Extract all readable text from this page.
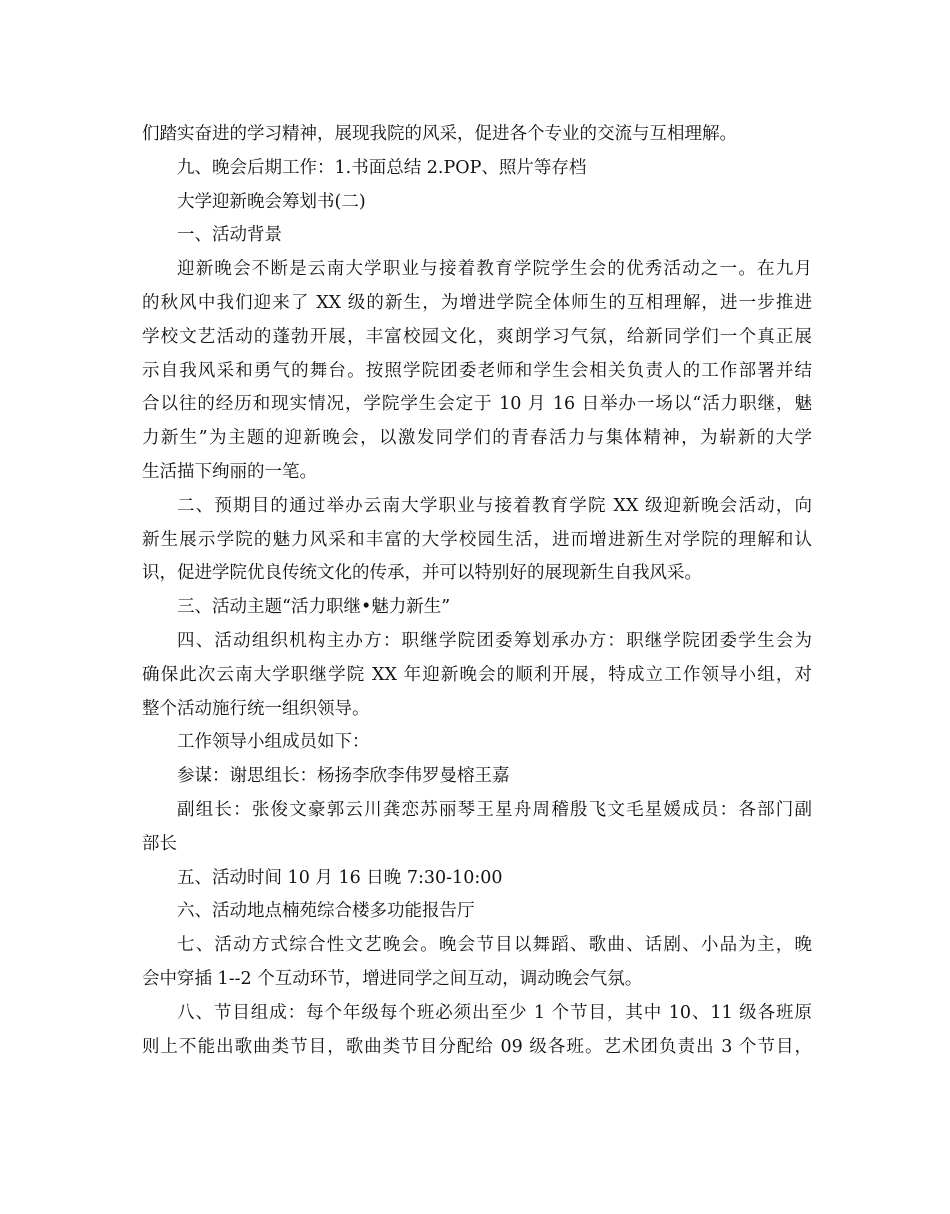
们踏实奋进的学习精神，展现我院的风采，促进各个专业的交流与互相理解。
九、晚会后期工作：1.书面总结 2.POP、照片等存档
大学迎新晚会筹划书(二)
一、活动背景
迎新晚会不断是云南大学职业与接着教育学院学生会的优秀活动之一。在九月
的秋风中我们迎来了 XX 级的新生，为增进学院全体师生的互相理解，进一步推进
学校文艺活动的蓬勃开展，丰富校园文化，爽朗学习气氛，给新同学们一个真正展
示自我风采和勇气的舞台。按照学院团委老师和学生会相关负责人的工作部署并结
合以往的经历和现实情况，学院学生会定于 10 月 16 日举办一场以“活力职继，魅
力新生”为主题的迎新晚会，以激发同学们的青春活力与集体精神，为崭新的大学
生活描下绚丽的一笔。
二、预期目的通过举办云南大学职业与接着教育学院 XX 级迎新晚会活动，向
新生展示学院的魅力风采和丰富的大学校园生活，进而增进新生对学院的理解和认
识，促进学院优良传统文化的传承，并可以特别好的展现新生自我风采。
三、活动主题“活力职继•魅力新生”
四、活动组织机构主办方：职继学院团委筹划承办方：职继学院团委学生会为
确保此次云南大学职继学院 XX 年迎新晚会的顺利开展，特成立工作领导小组，对
整个活动施行统一组织领导。
工作领导小组成员如下：
参谋：谢思组长：杨扬李欣李伟罗曼榕王嘉
副组长：张俊文豪郭云川龚恋苏丽琴王星舟周稽殷飞文毛星媛成员：各部门副
部长
五、活动时间 10 月 16 日晚 7:30-10:00
六、活动地点楠苑综合楼多功能报告厅
七、活动方式综合性文艺晚会。晚会节目以舞蹈、歌曲、话剧、小品为主，晚
会中穿插 1--2 个互动环节，增进同学之间互动，调动晚会气氛。
八、节目组成：每个年级每个班必须出至少 1 个节目，其中 10、11 级各班原
则上不能出歌曲类节目，歌曲类节目分配给 09 级各班。艺术团负责出 3 个节目，
